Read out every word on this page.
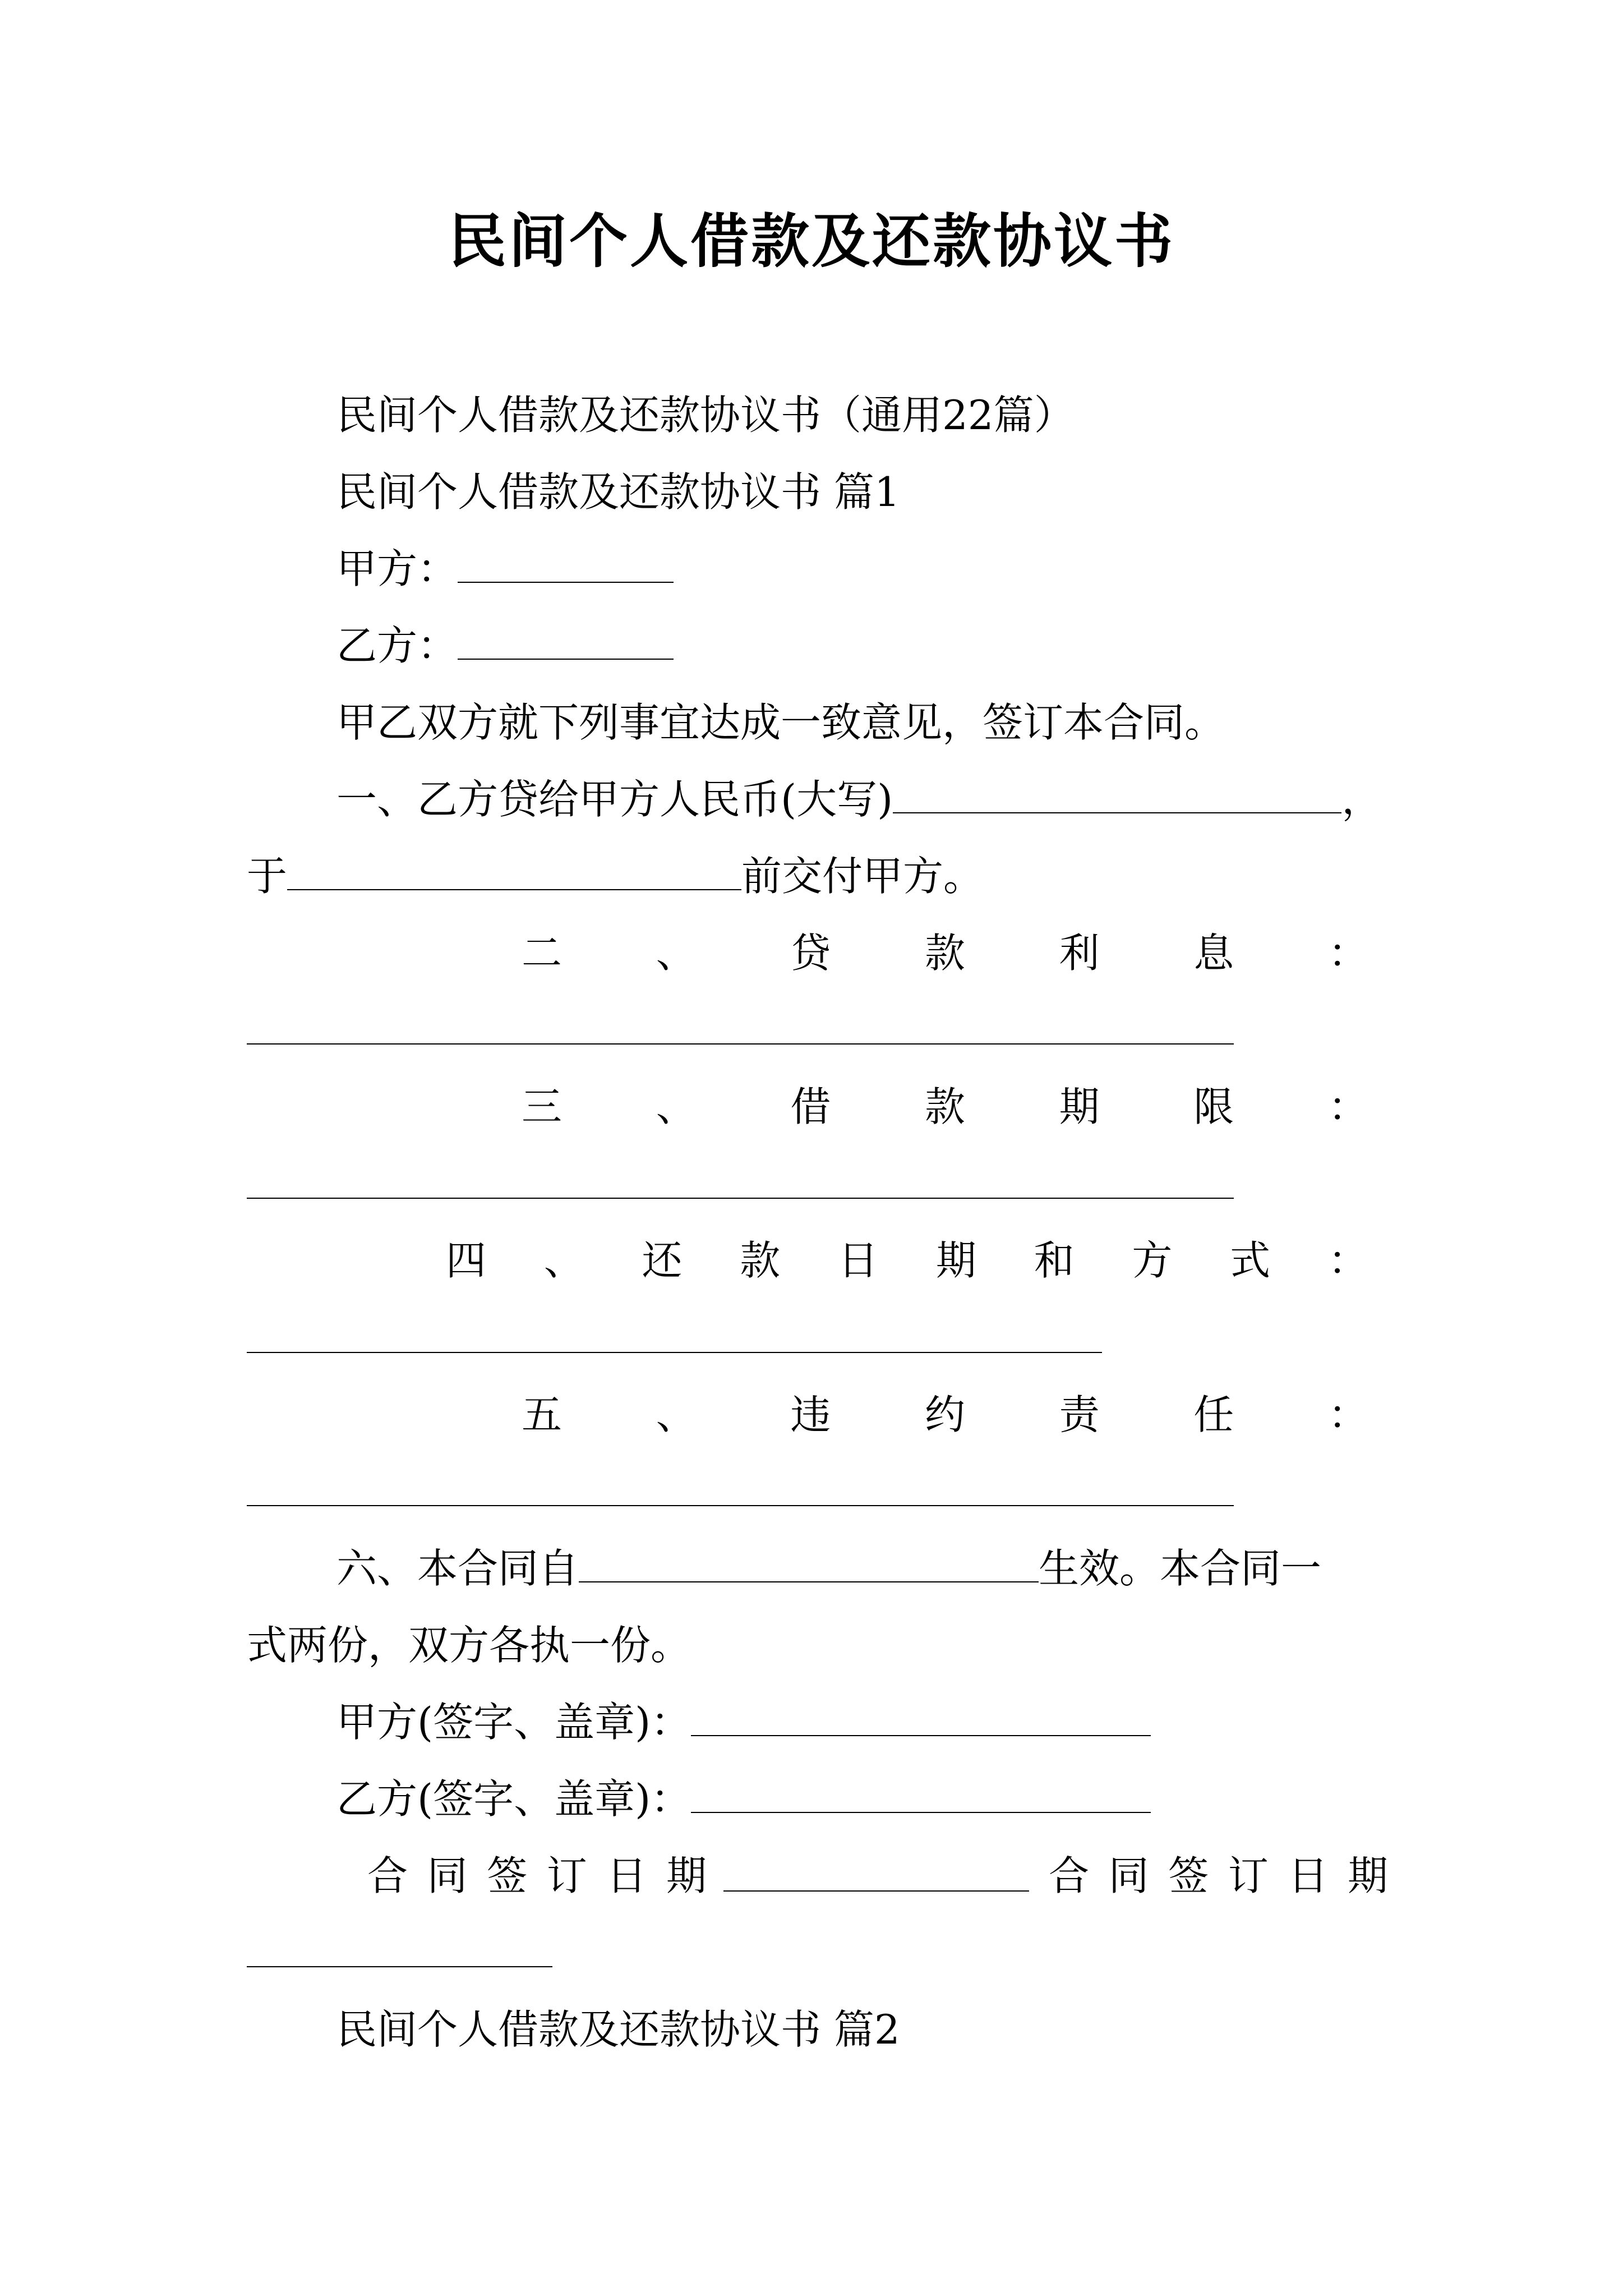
民间个人借款及还款协议书
民间个人借款及还款协议书（通用22篇）
民间个人借款及还款协议书 篇1
甲方：
乙方：
甲乙双方就下列事宜达成一致意见，签订本合同。
一、乙方贷给甲方人民币(大写)	，
于	前交付甲方。
二 、 贷 款 利 息 ：
三 、 借 款 期 限 ：
四 、 还 款 日 期 和 方 式 ：
五 、 违 约 责 任 ：
六、本合同自	生效。本合同一
式两份，双方各执一份。
甲方(签字、盖章)：
乙方(签字、盖章)：
合 同 签 订 日 期	合 同 签 订 日 期
民间个人借款及还款协议书 篇2
